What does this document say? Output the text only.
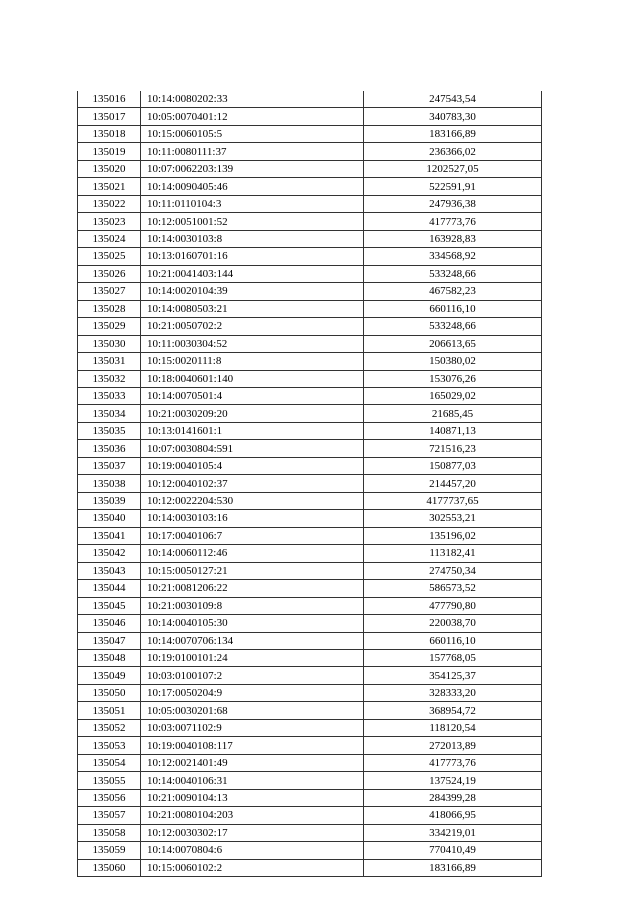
135016	10:14:0080202:33	247543,54
135017	10:05:0070401:12	340783,30
135018	10:15:0060105:5	183166,89
135019	10:11:0080111:37	236366,02
135020	10:07:0062203:139	1202527,05
135021	10:14:0090405:46	522591,91
135022	10:11:0110104:3	247936,38
135023	10:12:0051001:52	417773,76
135024	10:14:0030103:8	163928,83
135025	10:13:0160701:16	334568,92
135026	10:21:0041403:144	533248,66
135027	10:14:0020104:39	467582,23
135028	10:14:0080503:21	660116,10
135029	10:21:0050702:2	533248,66
135030	10:11:0030304:52	206613,65
135031	10:15:0020111:8	150380,02
135032	10:18:0040601:140	153076,26
135033	10:14:0070501:4	165029,02
135034	10:21:0030209:20	21685,45
135035	10:13:0141601:1	140871,13
135036	10:07:0030804:591	721516,23
135037	10:19:0040105:4	150877,03
135038	10:12:0040102:37	214457,20
135039	10:12:0022204:530	4177737,65
135040	10:14:0030103:16	302553,21
135041	10:17:0040106:7	135196,02
135042	10:14:0060112:46	113182,41
135043	10:15:0050127:21	274750,34
135044	10:21:0081206:22	586573,52
135045	10:21:0030109:8	477790,80
135046	10:14:0040105:30	220038,70
135047	10:14:0070706:134	660116,10
135048	10:19:0100101:24	157768,05
135049	10:03:0100107:2	354125,37
135050	10:17:0050204:9	328333,20
135051	10:05:0030201:68	368954,72
135052	10:03:0071102:9	118120,54
135053	10:19:0040108:117	272013,89
135054	10:12:0021401:49	417773,76
135055	10:14:0040106:31	137524,19
135056	10:21:0090104:13	284399,28
135057	10:21:0080104:203	418066,95
135058	10:12:0030302:17	334219,01
135059	10:14:0070804:6	770410,49
135060	10:15:0060102:2	183166,89
